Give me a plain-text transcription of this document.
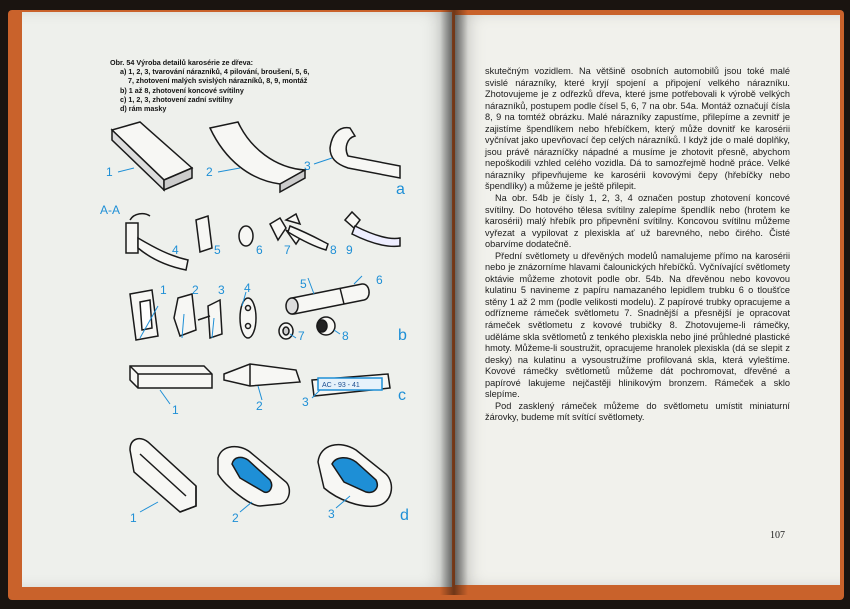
Obr. 54 Výroba detailů karosérie ze dřeva:
a) 1, 2, 3, tvarování nárazníků, 4 pilování, broušení, 5, 6,
7, zhotovení malých svislých nárazníků, 8, 9, montáž
b) 1 až 8, zhotovení koncové svítilny
c) 1, 2, 3, zhotovení zadní svítilny
d) rám masky
AC - 93 - 41
1	2	3
A-A
4	5	6 7	8 9
1 2 3 4	5	6
7	8
1	2	3
1	2	3
a
b
c
d

skutečným vozidlem. Na většině osobních automobilů jsou toké malé svislé nárazníky, které kryjí spojení a připojení velkého nárazníku. Zhotovujeme je z odřezků dřeva, které jsme potřebovali k výrobě velkých nárazníků, postupem podle čísel 5, 6, 7 na obr. 54a. Montáž označují čísla 8, 9 na tomtéž obrázku. Malé nárazníky zapustíme, přilepíme a zevnitř je zajistíme špendlíkem nebo hřebíčkem, který může dovnitř ke karosérii vyčnívat jako upevňovací čep celých nárazníků. I když jde o malé doplňky, jsou právě nárazníčky nápadné a musíme je zhotovit přesně, abychom nepoškodili vzhled celého vozidla. Dá to samozřejmě hodně práce. Velké nárazníky připevňujeme ke karosérii kovovými čepy (hřebíčky nebo špendlíky) a můžeme je ještě přilepit.

Na obr. 54b je čísly 1, 2, 3, 4 označen postup zhotovení koncové svítilny. Do hotového tělesa svítilny zalepíme špendlík nebo (hrotem ke karosérii) malý hřebík pro připevnění svítilny. Koncovou svítilnu můžeme vyřezat a vypilovat z plexiskla ať už barevného, nebo čirého. Čisté obarvíme dodatečně.

Přední světlomety u dřevěných modelů namalujeme přímo na karosérii nebo je znázorníme hlavami čalounických hřebíčků. Vyčnívající světlomety oktávie můžeme zhotovit podle obr. 54b. Na dřevěnou nebo kovovou kulatinu 5 navineme z papíru namazaného lepidlem trubku 6 o tloušťce stěny 1 až 2 mm (podle velikosti modelu). Z papírové trubky opracujeme a odřízneme rámeček světlometu 7. Snadnější a přesnější je opracovat rámeček světlometu z kovové trubičky 8. Zhotovujeme-li rámečky, uděláme skla světlometů z tenkého plexiskla nebo jiné průhledné plastické hmoty. Můžeme-li soustružit, opracujeme hranolek plexiskla (dá se slepit z desky) na kulatinu a vysoustružíme profilovaná skla, která vyleštíme. Kovové rámečky světlometů můžeme dát pochromovat, dřevěné a papírové lakujeme nejčastěji hlinikovým bronzem. Rámeček a sklo slepíme.

Pod zasklený rámeček můžeme do světlometu umístit miniaturní žárovky, budeme mít svítící světlomety.

107
